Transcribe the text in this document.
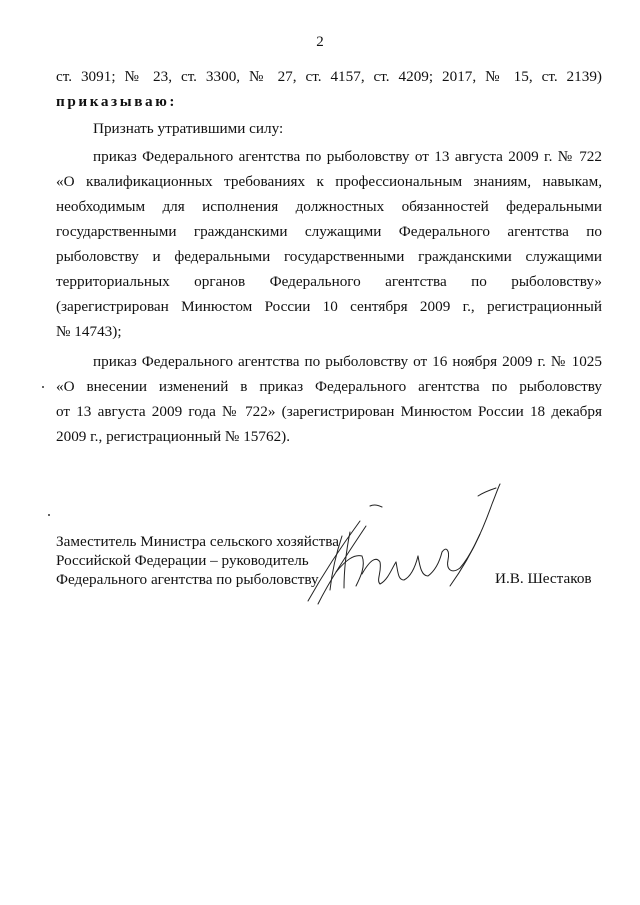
2
ст. 3091; № 23, ст. 3300, № 27, ст. 4157, ст. 4209; 2017, № 15, ст. 2139)
приказываю:
Признать утратившими силу:
приказ Федерального агентства по рыболовству от 13 августа 2009 г. № 722
«О квалификационных требованиях к профессиональным знаниям, навыкам,
необходимым для исполнения должностных обязанностей федеральными
государственными гражданскими служащими Федерального агентства по
рыболовству и федеральными государственными гражданскими служащими
территориальных органов Федерального агентства по рыболовству»
(зарегистрирован Минюстом России 10 сентября 2009 г., регистрационный
№ 14743);
приказ Федерального агентства по рыболовству от 16 ноября 2009 г. № 1025
«О внесении изменений в приказ Федерального агентства по рыболовству
от 13 августа 2009 года № 722» (зарегистрирован Минюстом России 18 декабря
2009 г., регистрационный № 15762).
Заместитель Министра сельского хозяйства
Российской Федерации – руководитель
Федерального агентства по рыболовству	И.В. Шестаков
